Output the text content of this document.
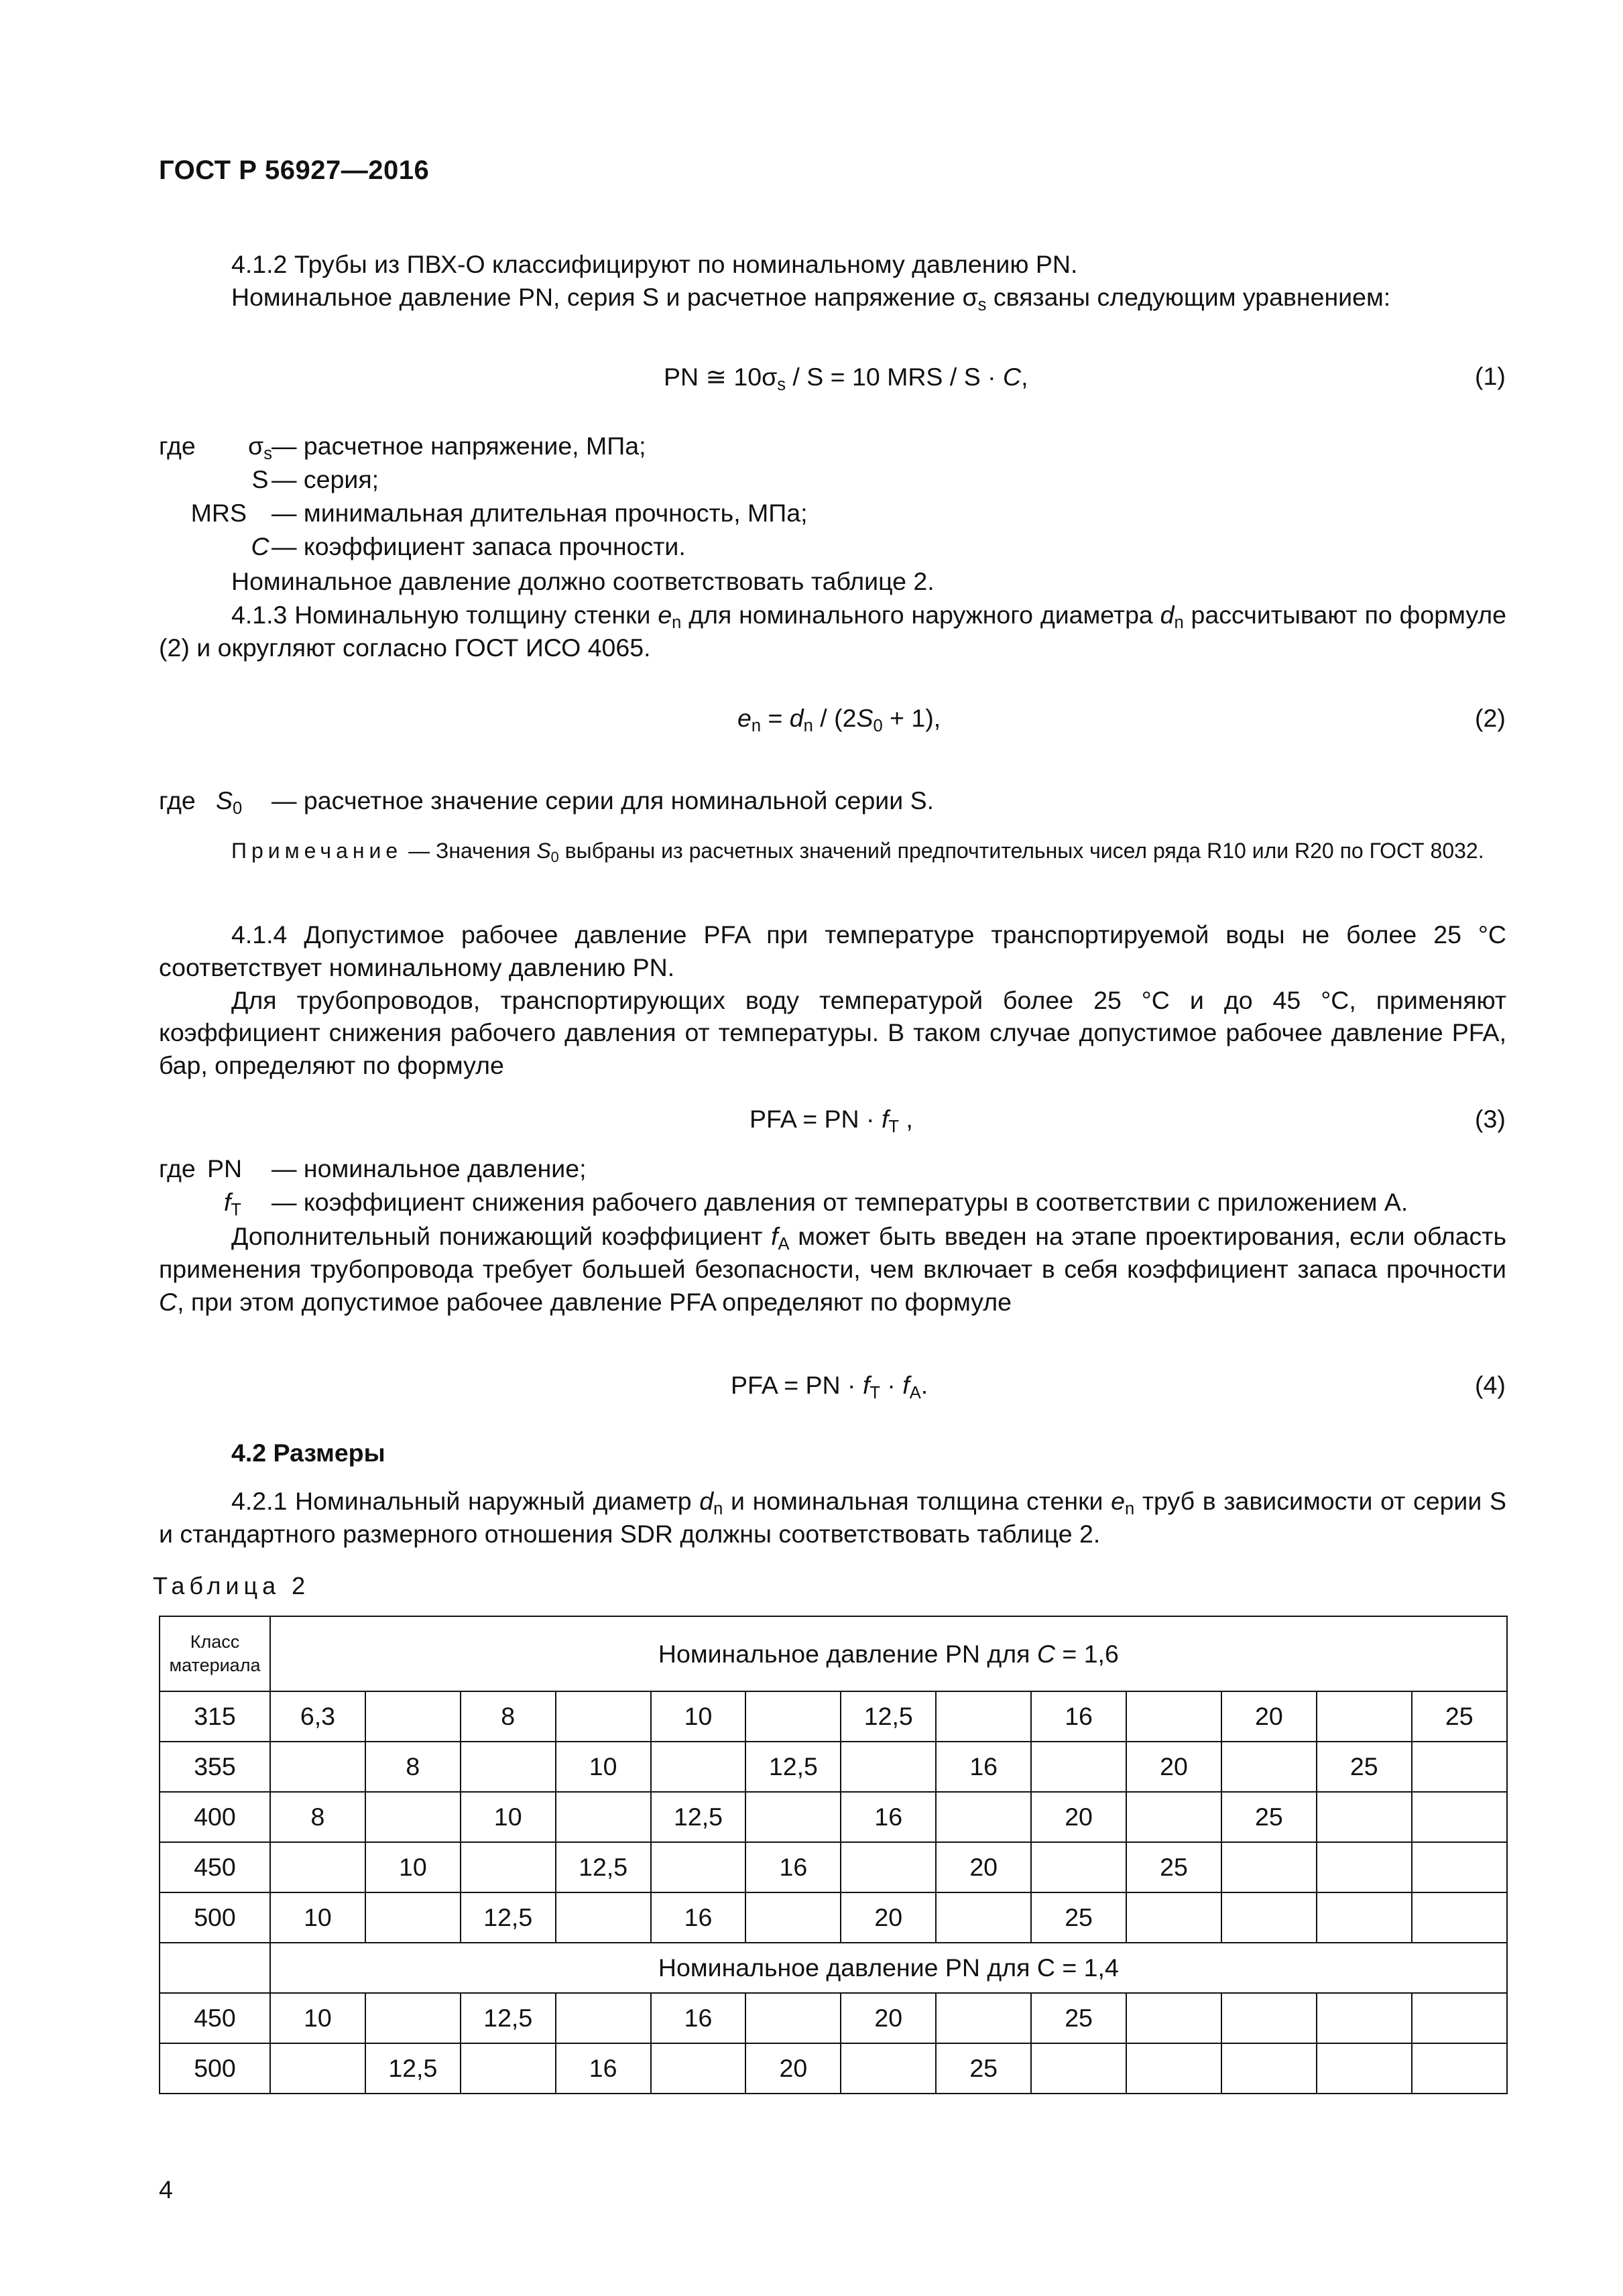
ГОСТ Р 56927—2016
4.1.2 Трубы из ПВХ-О классифицируют по номинальному давлению PN.
Номинальное давление PN, серия S и расчетное напряжение $\sigma_s$ связаны следующим уравнением:
PN ≅ $10\sigma_s / S = 10$ MRS / S · C,	(1)
где	$\sigma_s$ — расчетное напряжение, МПа;
S — серия;
MRS — минимальная длительная прочность, МПа;
C — коэффициент запаса прочности.
Номинальное давление должно соответствовать таблице 2.
4.1.3 Номинальную толщину стенки $e_n$ для номинального наружного диаметра $d_n$ рассчитывают по формуле (2) и округляют согласно ГОСТ ИСО 4065.
$e_n = d_n / (2S_0 + 1)$,	(2)
где $S_0$ — расчетное значение серии для номинальной серии S.
Примечание — Значения $S_0$ выбраны из расчетных значений предпочтительных чисел ряда R10 или R20 по ГОСТ 8032.
4.1.4 Допустимое рабочее давление PFA при температуре транспортируемой воды не более 25 °C соответствует номинальному давлению PN.
Для трубопроводов, транспортирующих воду температурой более 25 °C и до 45 °C, применяют коэффициент снижения рабочего давления от температуры. В таком случае допустимое рабочее давление PFA, бар, определяют по формуле
PFA = PN · $f_T$ ,	(3)
где PN — номинальное давление;
$f_T$ — коэффициент снижения рабочего давления от температуры в соответствии с приложением А.
Дополнительный понижающий коэффициент $f_A$ может быть введен на этапе проектирования, если область применения трубопровода требует большей безопасности, чем включает в себя коэффициент запаса прочности C, при этом допустимое рабочее давление PFA определяют по формуле
PFA = PN · $f_T \cdot f_A$.	(4)
4.2 Размеры
4.2.1 Номинальный наружный диаметр $d_n$ и номинальная толщина стенки $e_n$ труб в зависимости от серии S и стандартного размерного отношения SDR должны соответствовать таблице 2.
Таблица 2
Класс материала	Номинальное давление PN для C = 1,6												
315	6,3		8		10		12,5		16		20		25
355		8		10		12,5		16		20		25	
400	8		10		12,5		16		20		25		
450		10		12,5		16		20		25			
500	10		12,5		16		20		25				
	Номинальное давление PN для C = 1,4												
450	10		12,5		16		20		25				
500		12,5		16		20		25					
4
